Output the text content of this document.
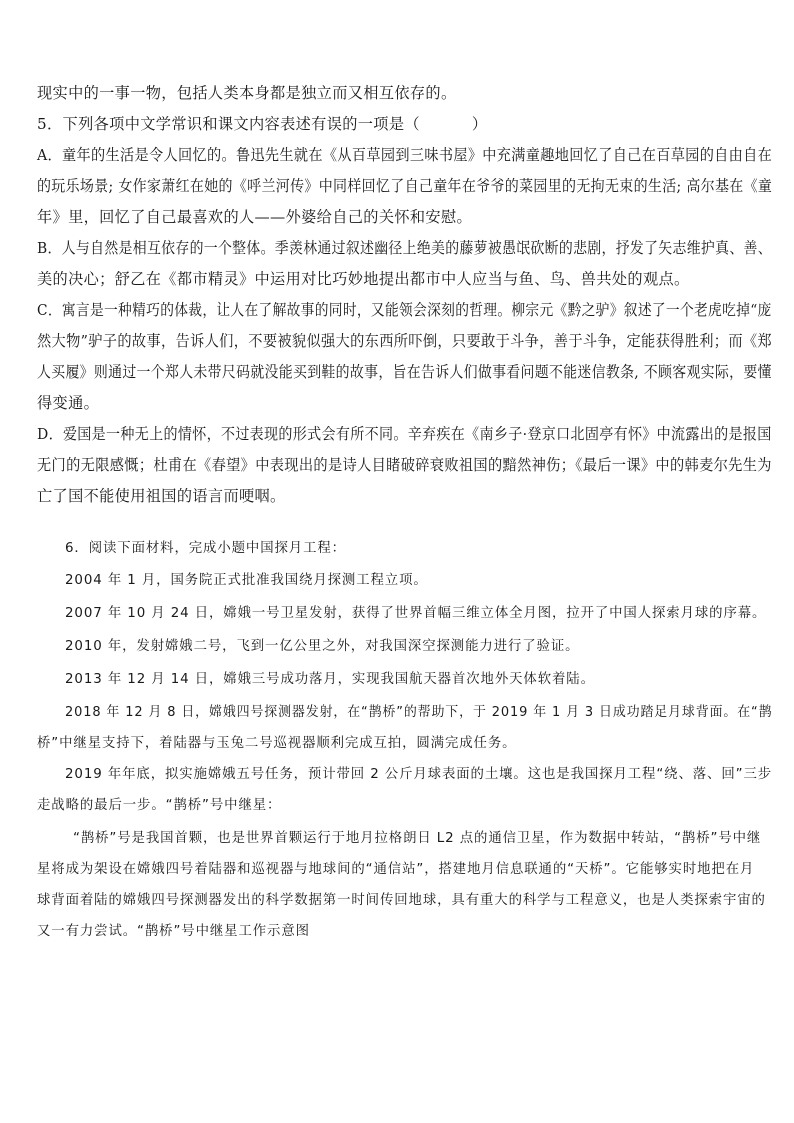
现实中的一事一物，包括人类本身都是独立而又相互依存的。
5．下列各项中文学常识和课文内容表述有误的一项是（	）
A．童年的生活是令人回忆的。鲁迅先生就在《从百草园到三味书屋》中充满童趣地回忆了自己在百草园的自由自在
的玩乐场景; 女作家萧红在她的《呼兰河传》中同样回忆了自己童年在爷爷的菜园里的无拘无束的生活; 高尔基在《童
年》里，回忆了自己最喜欢的人——外婆给自己的关怀和安慰。
B．人与自然是相互依存的一个整体。季羡林通过叙述幽径上绝美的藤萝被愚氓砍断的悲剧，抒发了矢志维护真、善、
美的决心；舒乙在《都市精灵》中运用对比巧妙地提出都市中人应当与鱼、鸟、兽共处的观点。
C．寓言是一种精巧的体裁，让人在了解故事的同时，又能领会深刻的哲理。柳宗元《黔之驴》叙述了一个老虎吃掉“庞
然大物”驴子的故事，告诉人们，不要被貌似强大的东西所吓倒，只要敢于斗争，善于斗争，定能获得胜利；而《郑
人买履》则通过一个郑人未带尺码就没能买到鞋的故事，旨在告诉人们做事看问题不能迷信教条, 不顾客观实际，要懂
得变通。
D．爱国是一种无上的情怀，不过表现的形式会有所不同。辛弃疾在《南乡子·登京口北固亭有怀》中流露出的是报国
无门的无限感慨；杜甫在《春望》中表现出的是诗人目睹破碎衰败祖国的黯然神伤；《最后一课》中的韩麦尔先生为
亡了国不能使用祖国的语言而哽咽。
6．阅读下面材料，完成小题中国探月工程：
2004 年 1 月，国务院正式批准我国绕月探测工程立项。
2007 年 10 月 24 日，嫦娥一号卫星发射，获得了世界首幅三维立体全月图，拉开了中国人探索月球的序幕。
2010 年，发射嫦娥二号，飞到一亿公里之外，对我国深空探测能力进行了验证。
2013 年 12 月 14 日，嫦娥三号成功落月，实现我国航天器首次地外天体软着陆。
2018 年 12 月 8 日，嫦娥四号探测器发射，在“鹊桥”的帮助下，于 2019 年 1 月 3 日成功踏足月球背面。在“鹊
桥”中继星支持下，着陆器与玉兔二号巡视器顺利完成互拍，圆满完成任务。
2019 年年底，拟实施嫦娥五号任务，预计带回 2 公斤月球表面的土壤。这也是我国探月工程“绕、落、回”三步
走战略的最后一步。“鹊桥”号中继星：
“鹊桥”号是我国首颗，也是世界首颗运行于地月拉格朗日 L2 点的通信卫星，作为数据中转站，“鹊桥”号中继
星将成为架设在嫦娥四号着陆器和巡视器与地球间的“通信站”，搭建地月信息联通的“天桥”。它能够实时地把在月
球背面着陆的嫦娥四号探测器发出的科学数据第一时间传回地球，具有重大的科学与工程意义，也是人类探索宇宙的
又一有力尝试。“鹊桥”号中继星工作示意图
